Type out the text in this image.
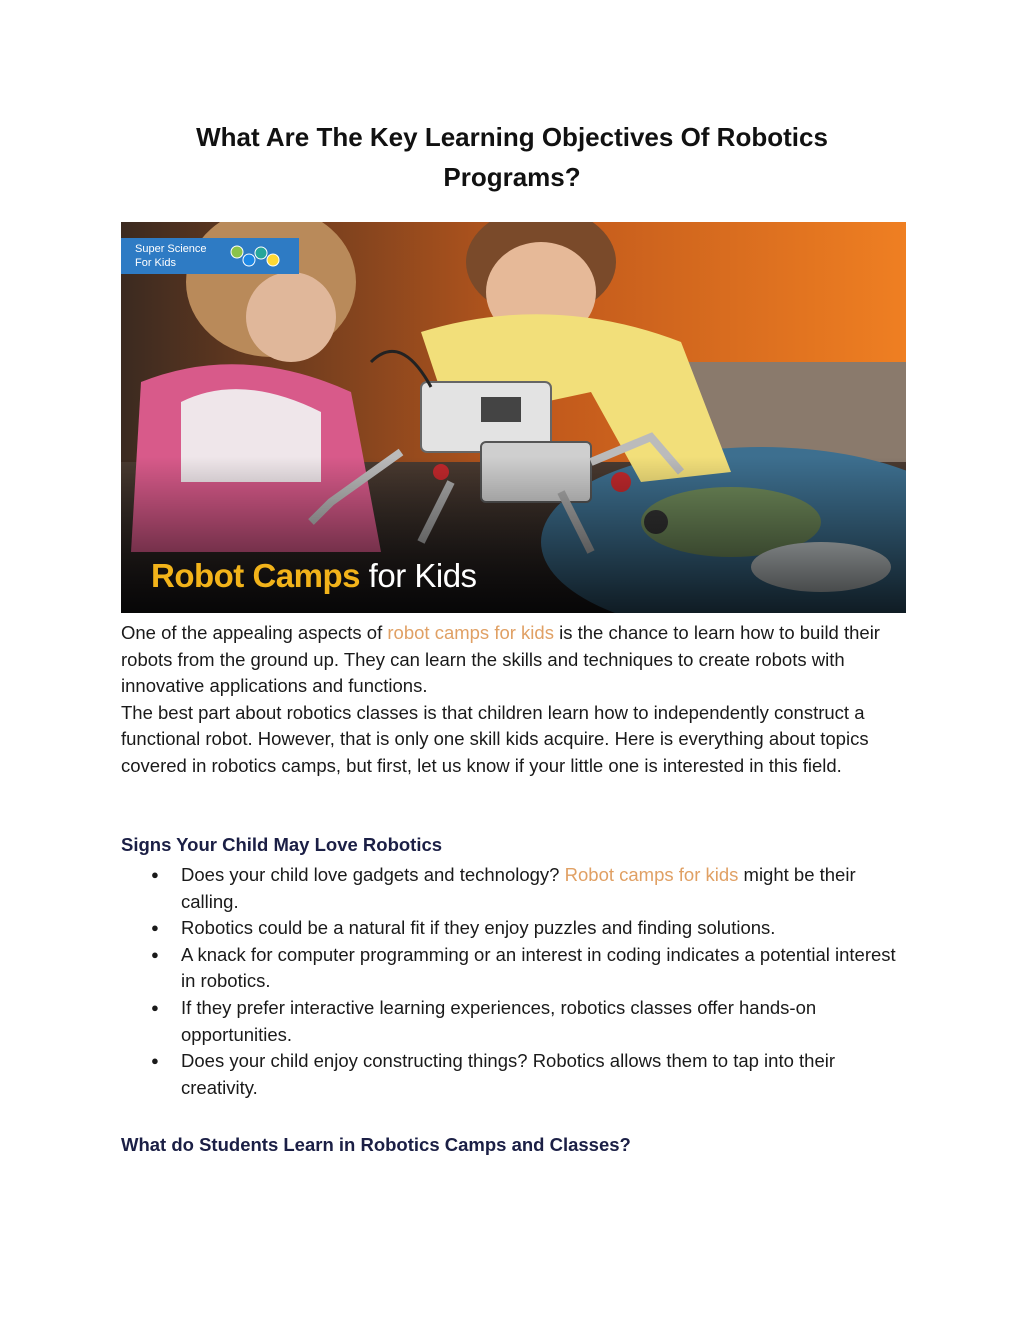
What Are The Key Learning Objectives Of Robotics Programs?
Super Science
For Kids
Robot Camps for Kids

One of the appealing aspects of robot camps for kids is the chance to learn how to build their robots from the ground up. They can learn the skills and techniques to create robots with innovative applications and functions.

The best part about robotics classes is that children learn how to independently construct a functional robot. However, that is only one skill kids acquire. Here is everything about topics covered in robotics camps, but first, let us know if your little one is interested in this field.

Signs Your Child May Love Robotics
● Does your child love gadgets and technology? Robot camps for kids might be their calling.
● Robotics could be a natural fit if they enjoy puzzles and finding solutions.
● A knack for computer programming or an interest in coding indicates a potential interest in robotics.
● If they prefer interactive learning experiences, robotics classes offer hands-on opportunities.
● Does your child enjoy constructing things? Robotics allows them to tap into their creativity.
What do Students Learn in Robotics Camps and Classes?
